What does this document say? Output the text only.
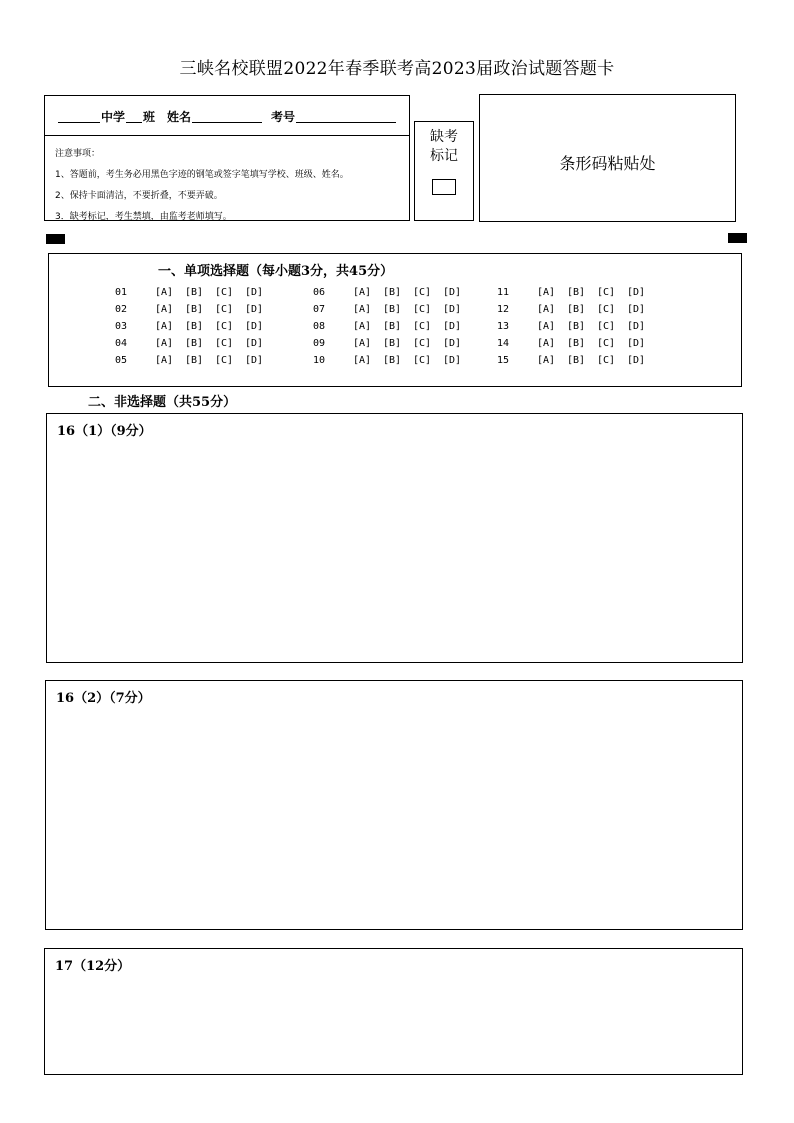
三峡名校联盟2022年春季联考高2023届政治试题答题卡
中学 班 姓名	考号
注意事项：
1、答题前，考生务必用黑色字迹的钢笔或签字笔填写学校、班级、姓名。
2、保持卡面清洁，不要折叠，不要弄破。
3．缺考标记，考生禁填，由监考老师填写。
缺考
标记	条形码粘贴处
一、单项选择题（每小题3分，共45分）
01	[A]	[B]	[C]	[D]
02	[A]	[B]	[C]	[D]
03	[A]	[B]	[C]	[D]
04	[A]	[B]	[C]	[D]
05	[A]	[B]	[C]	[D]
06	[A]	[B]	[C]	[D]
07	[A]	[B]	[C]	[D]
08	[A]	[B]	[C]	[D]
09	[A]	[B]	[C]	[D]
10	[A]	[B]	[C]	[D]
11	[A]	[B]	[C]	[D]
12	[A]	[B]	[C]	[D]
13	[A]	[B]	[C]	[D]
14	[A]	[B]	[C]	[D]
15	[A]	[B]	[C]	[D]
二、非选择题（共55分）
16（1）（9分）
16（2）（7分）
17（12分）
